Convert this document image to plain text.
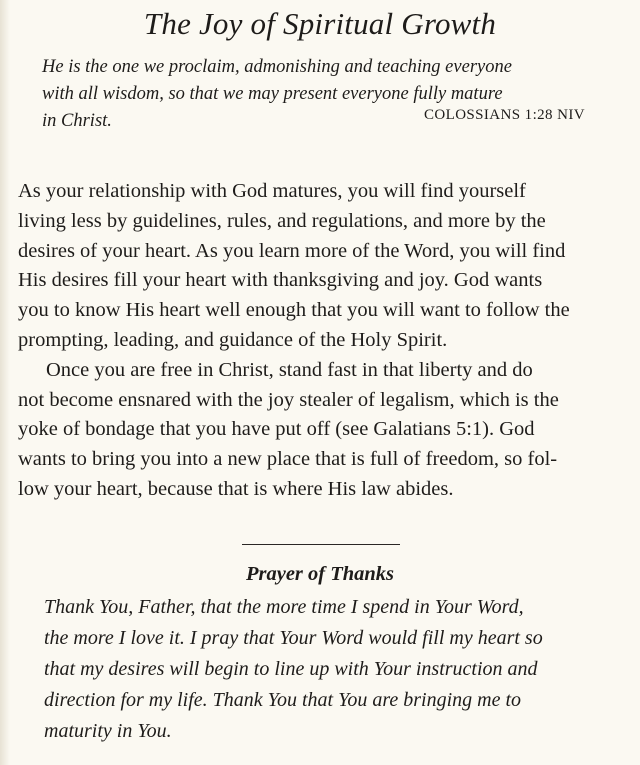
The Joy of Spiritual Growth
He is the one we proclaim, admonishing and teaching everyone
with all wisdom, so that we may present everyone fully mature
in Christ.	COLOSSIANS 1:28 NIV
As your relationship with God matures, you will find yourself
living less by guidelines, rules, and regulations, and more by the
desires of your heart. As you learn more of the Word, you will find
His desires fill your heart with thanksgiving and joy. God wants
you to know His heart well enough that you will want to follow the
prompting, leading, and guidance of the Holy Spirit.
Once you are free in Christ, stand fast in that liberty and do
not become ensnared with the joy stealer of legalism, which is the
yoke of bondage that you have put off (see Galatians 5:1). God
wants to bring you into a new place that is full of freedom, so fol-
low your heart, because that is where His law abides.
Prayer of Thanks
Thank You, Father, that the more time I spend in Your Word,
the more I love it. I pray that Your Word would fill my heart so
that my desires will begin to line up with Your instruction and
direction for my life. Thank You that You are bringing me to
maturity in You.
